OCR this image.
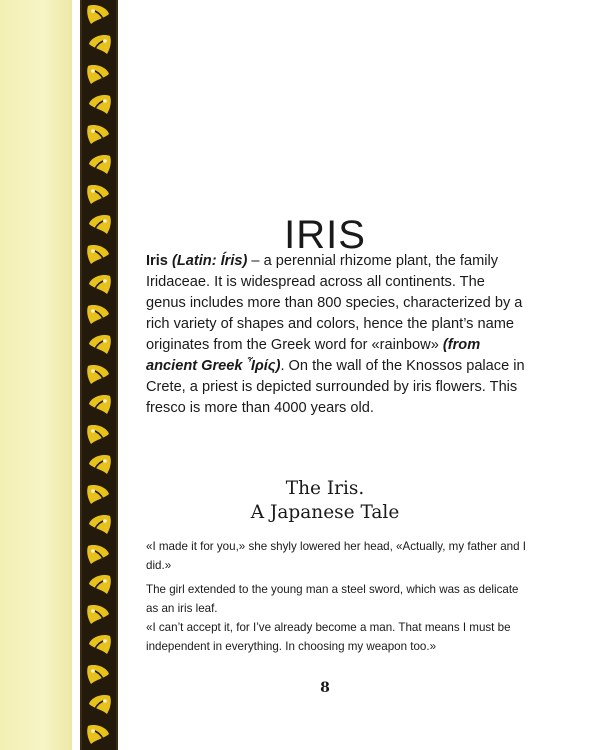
IRIS

Iris (Latin: Íris) – a perennial rhizome plant, the family Iridaceae. It is widespread across all continents. The genus includes more than 800 species, characterized by a rich variety of shapes and colors, hence the plant’s name originates from the Greek word for «rainbow» (from ancient Greek Ἶρίς). On the wall of the Knossos palace in Crete, a priest is depicted surrounded by iris flowers. This fresco is more than 4000 years old.

The Iris.
A Japanese Tale

«I made it for you,» she shyly lowered her head, «Actually, my father and I did.»

The girl extended to the young man a steel sword, which was as delicate as an iris leaf.

«I can’t accept it, for I’ve already become a man. That means I must be independent in everything. In choosing my weapon too.»

8
